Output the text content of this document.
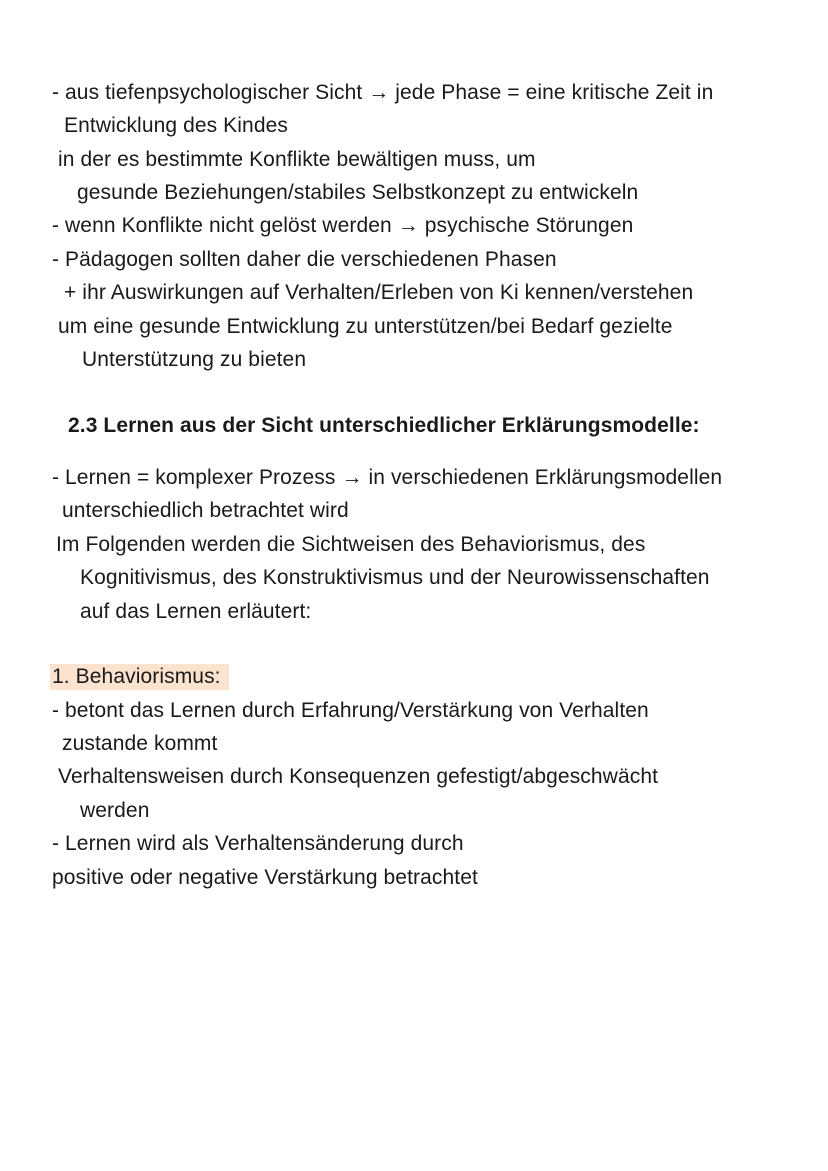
- aus tiefenpsychologischer Sicht → jede Phase = eine kritische Zeit in
Entwicklung des Kindes
in der es bestimmte Konflikte bewältigen muss, um
gesunde Beziehungen/stabiles Selbstkonzept zu entwickeln
- wenn Konflikte nicht gelöst werden → psychische Störungen
- Pädagogen sollten daher die verschiedenen Phasen
+ ihr Auswirkungen auf Verhalten/Erleben von Ki kennen/verstehen
um eine gesunde Entwicklung zu unterstützen/bei Bedarf gezielte
Unterstützung zu bieten
2.3 Lernen aus der Sicht unterschiedlicher Erklärungsmodelle:
- Lernen = komplexer Prozess → in verschiedenen Erklärungsmodellen
unterschiedlich betrachtet wird
Im Folgenden werden die Sichtweisen des Behaviorismus, des
Kognitivismus, des Konstruktivismus und der Neurowissenschaften
auf das Lernen erläutert:
1. Behaviorismus:
- betont das Lernen durch Erfahrung/Verstärkung von Verhalten
zustande kommt
Verhaltensweisen durch Konsequenzen gefestigt/abgeschwächt
werden
- Lernen wird als Verhaltensänderung durch
positive oder negative Verstärkung betrachtet
